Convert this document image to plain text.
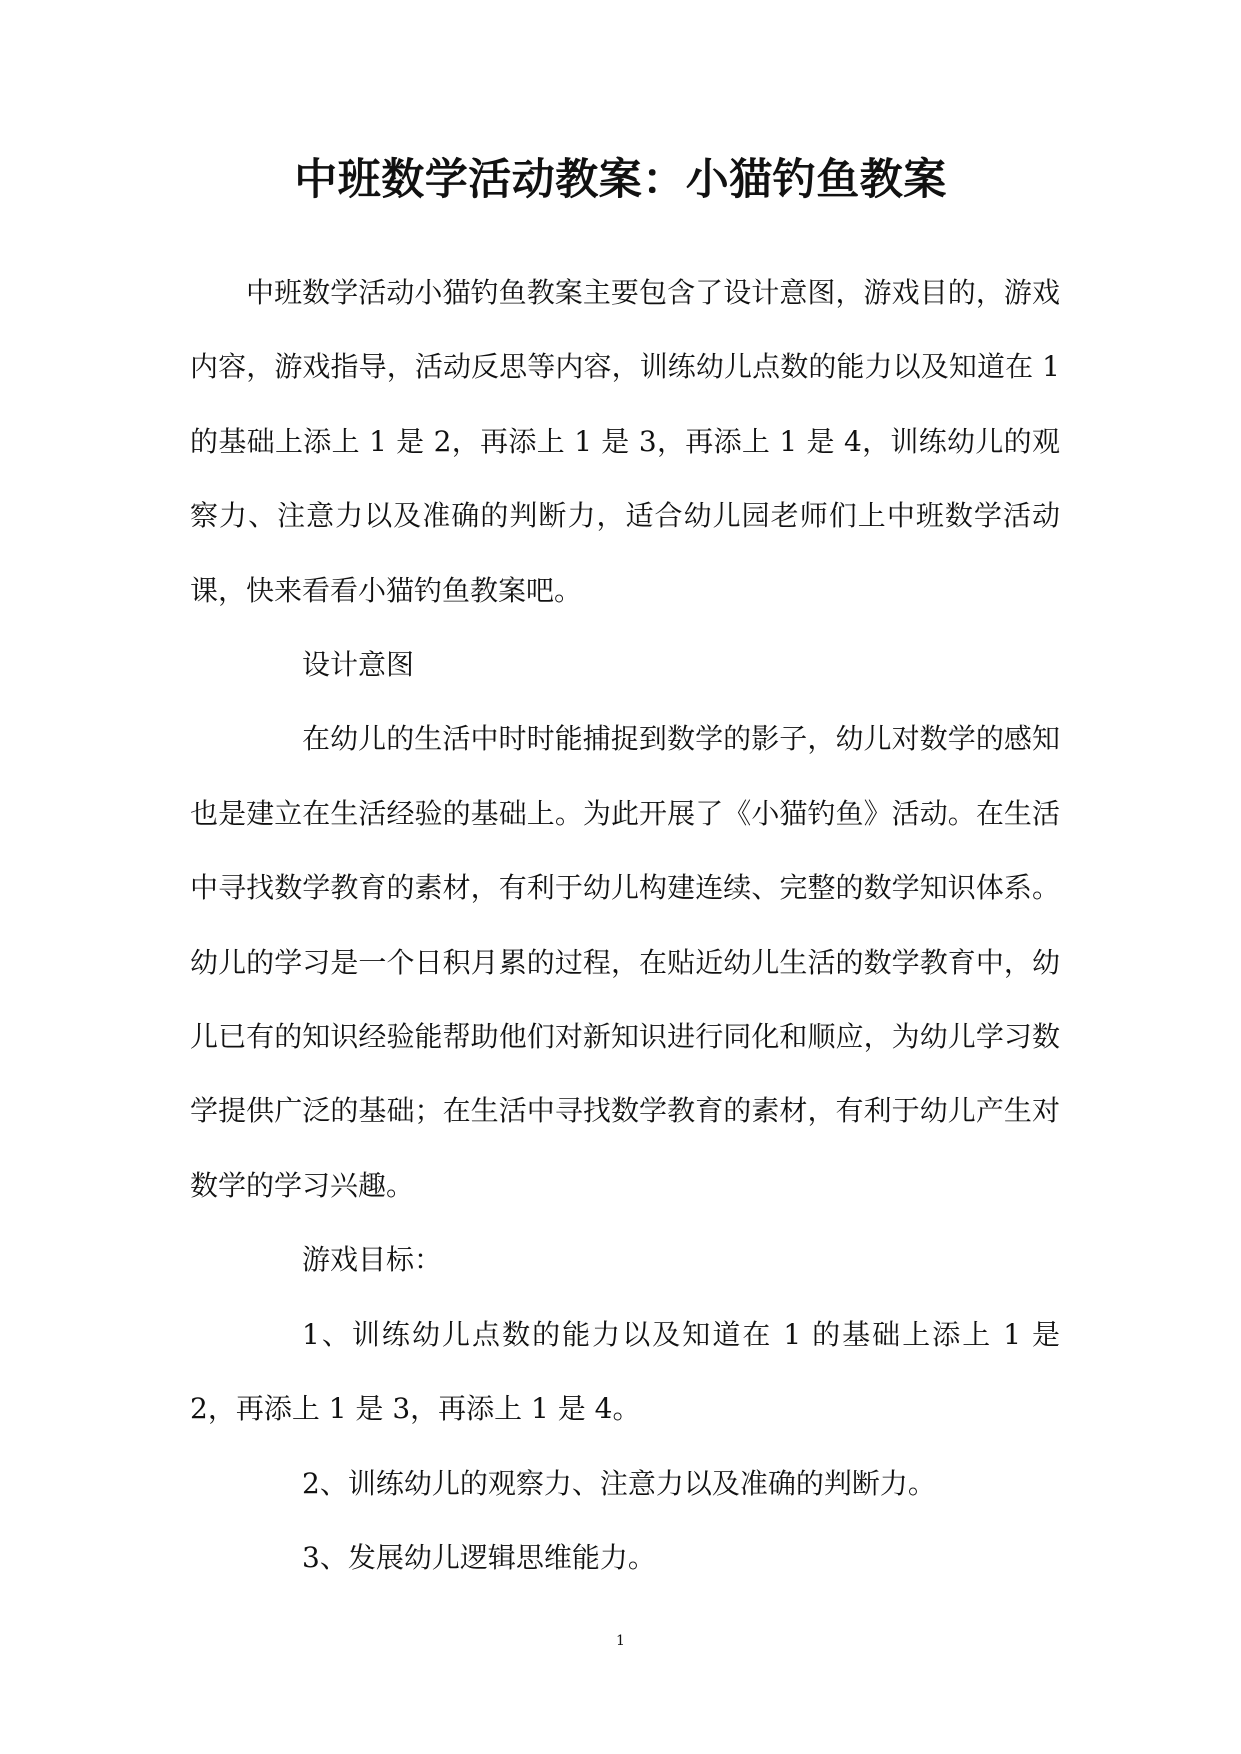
中班数学活动教案：小猫钓鱼教案

中班数学活动小猫钓鱼教案主要包含了设计意图，游戏目的，游戏内容，游戏指导，活动反思等内容，训练幼儿点数的能力以及知道在 1 的基础上添上 1 是 2，再添上 1 是 3，再添上 1 是 4，训练幼儿的观察力、注意力以及准确的判断力，适合幼儿园老师们上中班数学活动课，快来看看小猫钓鱼教案吧。

设计意图

在幼儿的生活中时时能捕捉到数学的影子，幼儿对数学的感知也是建立在生活经验的基础上。为此开展了《小猫钓鱼》活动。在生活中寻找数学教育的素材，有利于幼儿构建连续、完整的数学知识体系。幼儿的学习是一个日积月累的过程，在贴近幼儿生活的数学教育中，幼儿已有的知识经验能帮助他们对新知识进行同化和顺应，为幼儿学习数学提供广泛的基础；在生活中寻找数学教育的素材，有利于幼儿产生对数学的学习兴趣。

游戏目标：

1、训练幼儿点数的能力以及知道在 1 的基础上添上 1 是 2，再添上 1 是 3，再添上 1 是 4。

2、训练幼儿的观察力、注意力以及准确的判断力。

3、发展幼儿逻辑思维能力。

1
